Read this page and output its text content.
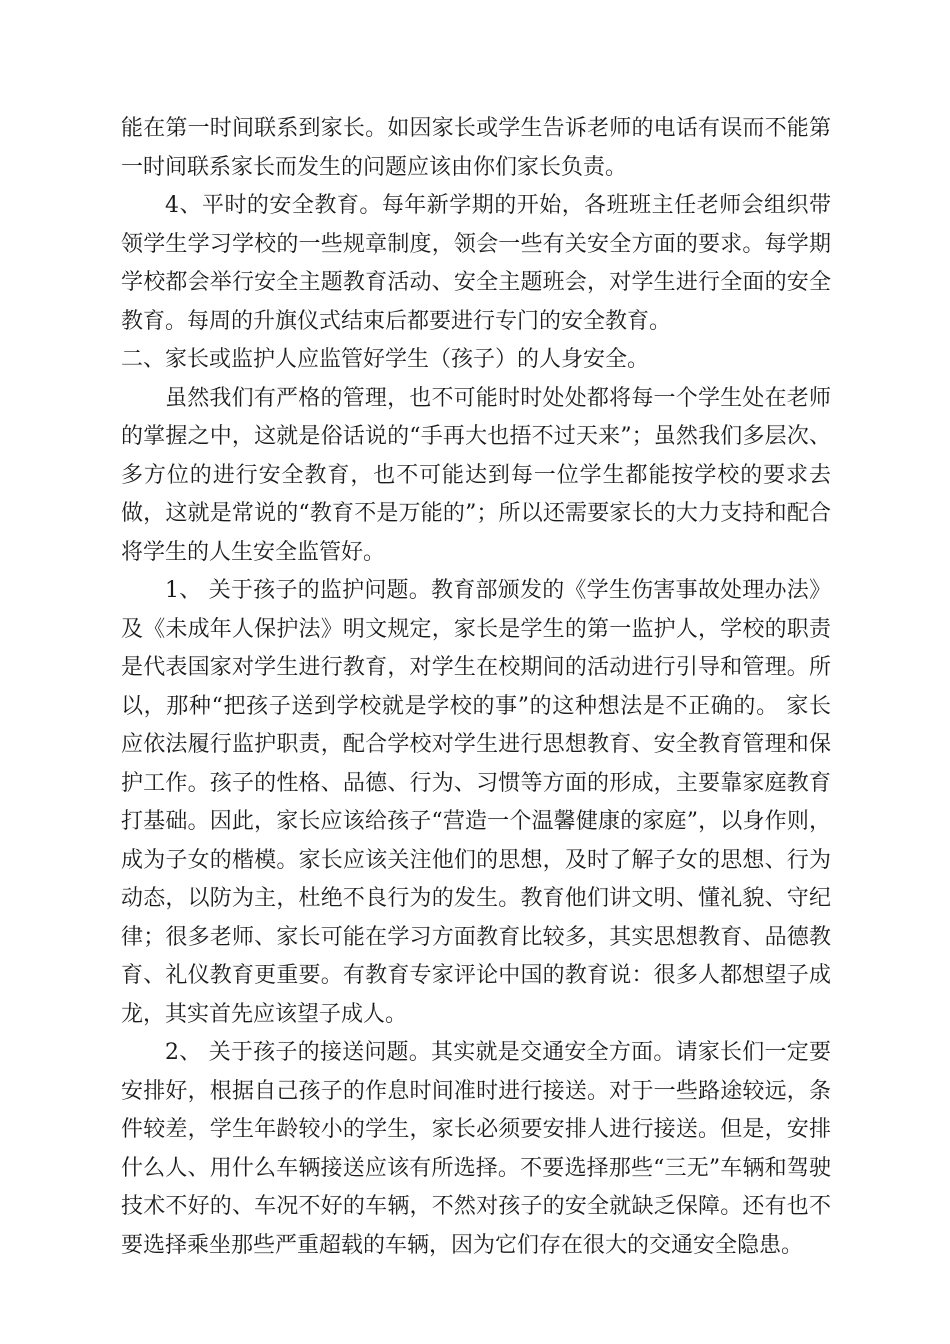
能在第一时间联系到家长。如因家长或学生告诉老师的电话有误而不能第一时间联系家长而发生的问题应该由你们家长负责。

4、平时的安全教育。每年新学期的开始，各班班主任老师会组织带领学生学习学校的一些规章制度，领会一些有关安全方面的要求。每学期学校都会举行安全主题教育活动、安全主题班会，对学生进行全面的安全教育。每周的升旗仪式结束后都要进行专门的安全教育。

二、家长或监护人应监管好学生（孩子）的人身安全。

虽然我们有严格的管理，也不可能时时处处都将每一个学生处在老师的掌握之中，这就是俗话说的“手再大也捂不过天来”；虽然我们多层次、多方位的进行安全教育，也不可能达到每一位学生都能按学校的要求去做，这就是常说的“教育不是万能的”；所以还需要家长的大力支持和配合将学生的人生安全监管好。

1、 关于孩子的监护问题。教育部颁发的《学生伤害事故处理办法》及《未成年人保护法》明文规定，家长是学生的第一监护人，学校的职责是代表国家对学生进行教育，对学生在校期间的活动进行引导和管理。所以，那种“把孩子送到学校就是学校的事”的这种想法是不正确的。 家长应依法履行监护职责，配合学校对学生进行思想教育、安全教育管理和保护工作。孩子的性格、品德、行为、习惯等方面的形成，主要靠家庭教育打基础。因此，家长应该给孩子“营造一个温馨健康的家庭”，以身作则，成为子女的楷模。家长应该关注他们的思想，及时了解子女的思想、行为动态，以防为主，杜绝不良行为的发生。教育他们讲文明、懂礼貌、守纪律；很多老师、家长可能在学习方面教育比较多，其实思想教育、品德教育、礼仪教育更重要。有教育专家评论中国的教育说：很多人都想望子成龙，其实首先应该望子成人。

2、 关于孩子的接送问题。其实就是交通安全方面。请家长们一定要安排好，根据自己孩子的作息时间准时进行接送。对于一些路途较远，条件较差，学生年龄较小的学生，家长必须要安排人进行接送。但是，安排什么人、用什么车辆接送应该有所选择。不要选择那些“三无”车辆和驾驶技术不好的、车况不好的车辆，不然对孩子的安全就缺乏保障。还有也不要选择乘坐那些严重超载的车辆，因为它们存在很大的交通安全隐患。
